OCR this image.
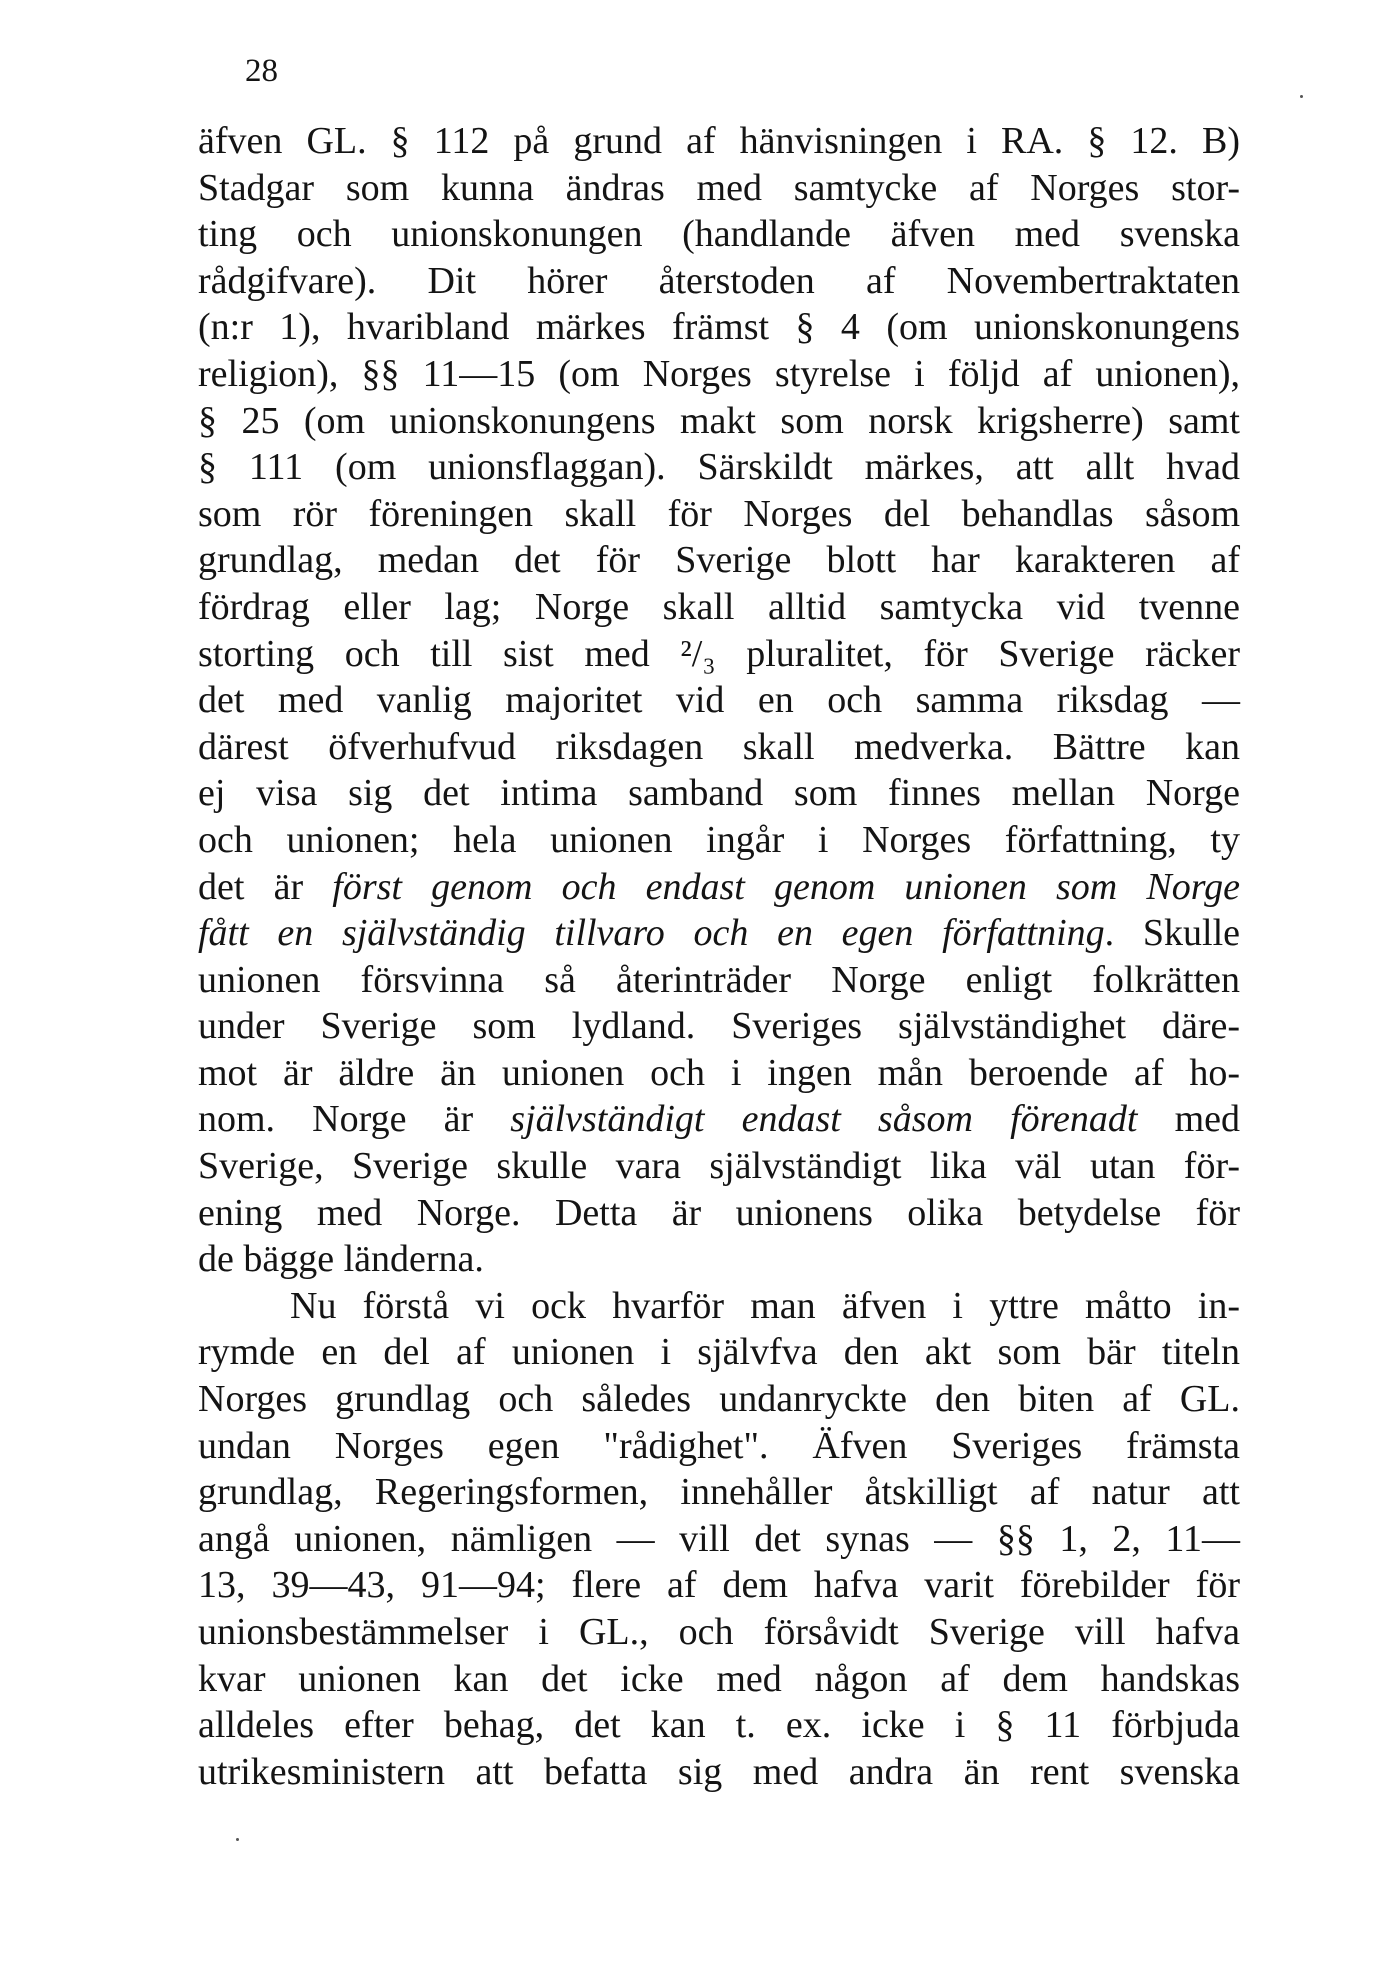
28
äfven GL. § 112 på grund af hänvisningen i RA. § 12. B)
Stadgar som kunna ändras med samtycke af Norges stor-
ting och unionskonungen (handlande äfven med svenska
rådgifvare). Dit hörer återstoden af Novembertraktaten
(n:r 1), hvaribland märkes främst § 4 (om unionskonungens
religion), §§ 11—15 (om Norges styrelse i följd af unionen),
§ 25 (om unionskonungens makt som norsk krigsherre) samt
§ 111 (om unionsflaggan). Särskildt märkes, att allt hvad
som rör föreningen skall för Norges del behandlas såsom
grundlag, medan det för Sverige blott har karakteren af
fördrag eller lag; Norge skall alltid samtycka vid tvenne
storting och till sist med ²/₃ pluralitet, för Sverige räcker
det med vanlig majoritet vid en och samma riksdag —
därest öfverhufvud riksdagen skall medverka. Bättre kan
ej visa sig det intima samband som finnes mellan Norge
och unionen; hela unionen ingår i Norges författning, ty
det är först genom och endast genom unionen som Norge
fått en självständig tillvaro och en egen författning. Skulle
unionen försvinna så återinträder Norge enligt folkrätten
under Sverige som lydland. Sveriges självständighet däre-
mot är äldre än unionen och i ingen mån beroende af ho-
nom. Norge är självständigt endast såsom förenadt med
Sverige, Sverige skulle vara självständigt lika väl utan för-
ening med Norge. Detta är unionens olika betydelse för
de bägge länderna.
Nu förstå vi ock hvarför man äfven i yttre måtto in-
rymde en del af unionen i självfva den akt som bär titeln
Norges grundlag och således undanryckte den biten af GL.
undan Norges egen "rådighet". Äfven Sveriges främsta
grundlag, Regeringsformen, innehåller åtskilligt af natur att
angå unionen, nämligen — vill det synas — §§ 1, 2, 11—
13, 39—43, 91—94; flere af dem hafva varit förebilder för
unionsbestämmelser i GL., och försåvidt Sverige vill hafva
kvar unionen kan det icke med någon af dem handskas
alldeles efter behag, det kan t. ex. icke i § 11 förbjuda
utrikesministern att befatta sig med andra än rent svenska
